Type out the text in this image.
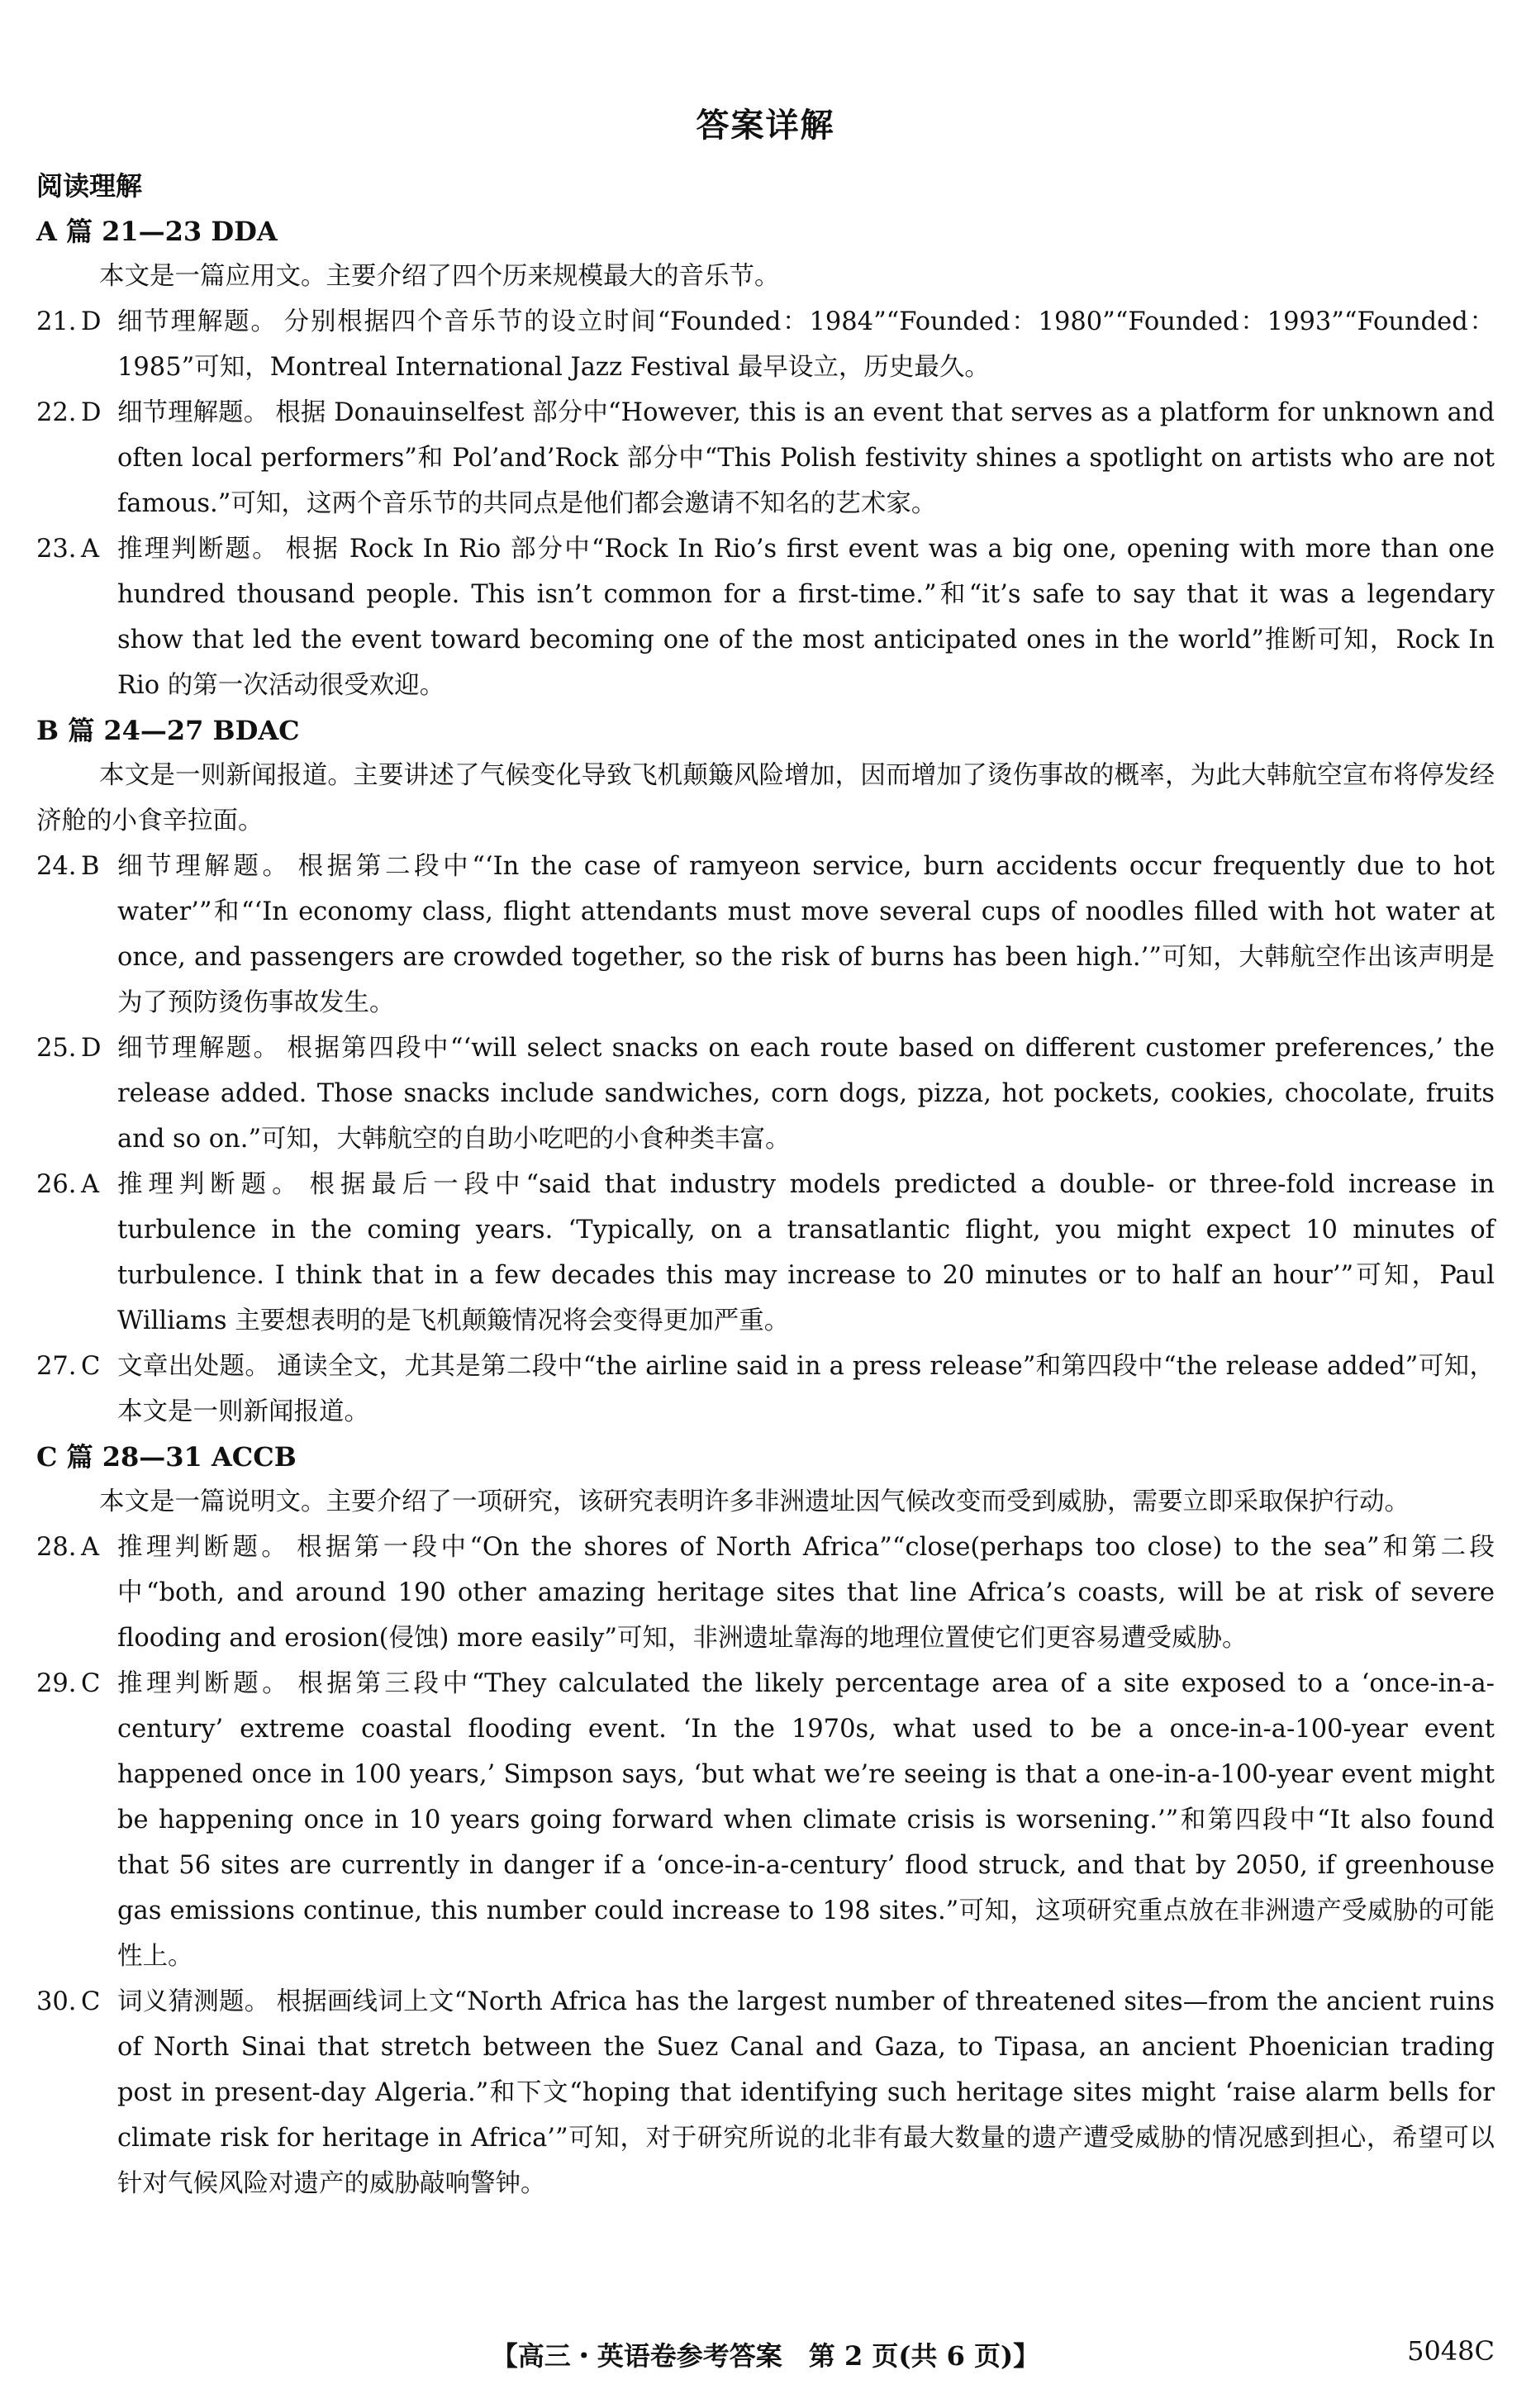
答案详解
阅读理解
A 篇 21—23 DDA

本文是一篇应用文。主要介绍了四个历来规模最大的音乐节。

21. D 细节理解题。 分别根据四个音乐节的设立时间“Founded：1984”“Founded：1980”“Founded：1993”“Founded：1985”可知，Montreal International Jazz Festival 最早设立，历史最久。
22. D 细节理解题。 根据 Donauinselfest 部分中“However, this is an event that serves as a platform for unknown and often local performers”和 Pol’and’Rock 部分中“This Polish festivity shines a spotlight on artists who are not famous.”可知，这两个音乐节的共同点是他们都会邀请不知名的艺术家。
23. A 推理判断题。 根据 Rock In Rio 部分中“Rock In Rio’s first event was a big one, opening with more than one hundred thousand people. This isn’t common for a first-time.”和“it’s safe to say that it was a legendary show that led the event toward becoming one of the most anticipated ones in the world”推断可知，Rock In Rio 的第一次活动很受欢迎。
B 篇 24—27 BDAC

本文是一则新闻报道。主要讲述了气候变化导致飞机颠簸风险增加，因而增加了烫伤事故的概率，为此大韩航空宣布将停发经济舱的小食辛拉面。

24. B 细节理解题。 根据第二段中“‘In the case of ramyeon service, burn accidents occur frequently due to hot water’”和“‘In economy class, flight attendants must move several cups of noodles filled with hot water at once, and passengers are crowded together, so the risk of burns has been high.’”可知，大韩航空作出该声明是为了预防烫伤事故发生。
25. D 细节理解题。 根据第四段中“‘will select snacks on each route based on different customer preferences,’ the release added. Those snacks include sandwiches, corn dogs, pizza, hot pockets, cookies, chocolate, fruits and so on.”可知，大韩航空的自助小吃吧的小食种类丰富。
26. A 推理判断题。 根据最后一段中“said that industry models predicted a double- or three-fold increase in turbulence in the coming years. ‘Typically, on a transatlantic flight, you might expect 10 minutes of turbulence. I think that in a few decades this may increase to 20 minutes or to half an hour’”可知，Paul Williams 主要想表明的是飞机颠簸情况将会变得更加严重。
27. C 文章出处题。 通读全文，尤其是第二段中“the airline said in a press release”和第四段中“the release added”可知，本文是一则新闻报道。
C 篇 28—31 ACCB

本文是一篇说明文。主要介绍了一项研究，该研究表明许多非洲遗址因气候改变而受到威胁，需要立即采取保护行动。

28. A 推理判断题。 根据第一段中“On the shores of North Africa”“close(perhaps too close) to the sea”和第二段中“both, and around 190 other amazing heritage sites that line Africa’s coasts, will be at risk of severe flooding and erosion(侵蚀) more easily”可知，非洲遗址靠海的地理位置使它们更容易遭受威胁。
29. C 推理判断题。 根据第三段中“They calculated the likely percentage area of a site exposed to a ‘once-in-a-century’ extreme coastal flooding event. ‘In the 1970s, what used to be a once-in-a-100-year event happened once in 100 years,’ Simpson says, ‘but what we’re seeing is that a one-in-a-100-year event might be happening once in 10 years going forward when climate crisis is worsening.’”和第四段中“It also found that 56 sites are currently in danger if a ‘once-in-a-century’ flood struck, and that by 2050, if greenhouse gas emissions continue, this number could increase to 198 sites.”可知，这项研究重点放在非洲遗产受威胁的可能性上。
30. C 词义猜测题。 根据画线词上文“North Africa has the largest number of threatened sites—from the ancient ruins of North Sinai that stretch between the Suez Canal and Gaza, to Tipasa, an ancient Phoenician trading post in present-day Algeria.”和下文“hoping that identifying such heritage sites might ‘raise alarm bells for climate risk for heritage in Africa’”可知，对于研究所说的北非有最大数量的遗产遭受威胁的情况感到担心，希望可以针对气候风险对遗产的威胁敲响警钟。
【高三・英语卷参考答案　第 2 页(共 6 页)】	5048C
